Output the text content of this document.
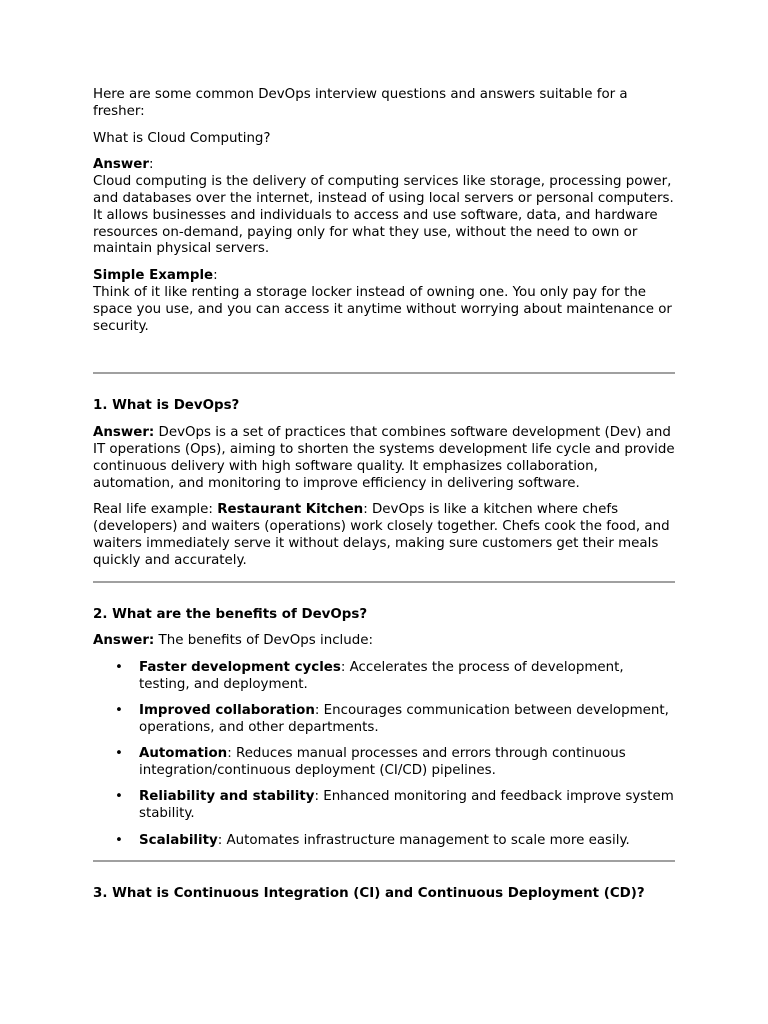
Here are some common DevOps interview questions and answers suitable for a fresher:

What is Cloud Computing?

Answer:

Cloud computing is the delivery of computing services like storage, processing power, and databases over the internet, instead of using local servers or personal computers. It allows businesses and individuals to access and use software, data, and hardware resources on-demand, paying only for what they use, without the need to own or maintain physical servers.

Simple Example:

Think of it like renting a storage locker instead of owning one. You only pay for the space you use, and you can access it anytime without worrying about maintenance or security.

1. What is DevOps?

Answer: DevOps is a set of practices that combines software development (Dev) and IT operations (Ops), aiming to shorten the systems development life cycle and provide continuous delivery with high software quality. It emphasizes collaboration, automation, and monitoring to improve efficiency in delivering software.

Real life example: Restaurant Kitchen: DevOps is like a kitchen where chefs (developers) and waiters (operations) work closely together. Chefs cook the food, and waiters immediately serve it without delays, making sure customers get their meals quickly and accurately.

2. What are the benefits of DevOps?

Answer: The benefits of DevOps include:

• Faster development cycles: Accelerates the process of development, testing, and deployment.
• Improved collaboration: Encourages communication between development, operations, and other departments.
• Automation: Reduces manual processes and errors through continuous integration/continuous deployment (CI/CD) pipelines.
• Reliability and stability: Enhanced monitoring and feedback improve system stability.
• Scalability: Automates infrastructure management to scale more easily.

3. What is Continuous Integration (CI) and Continuous Deployment (CD)?
